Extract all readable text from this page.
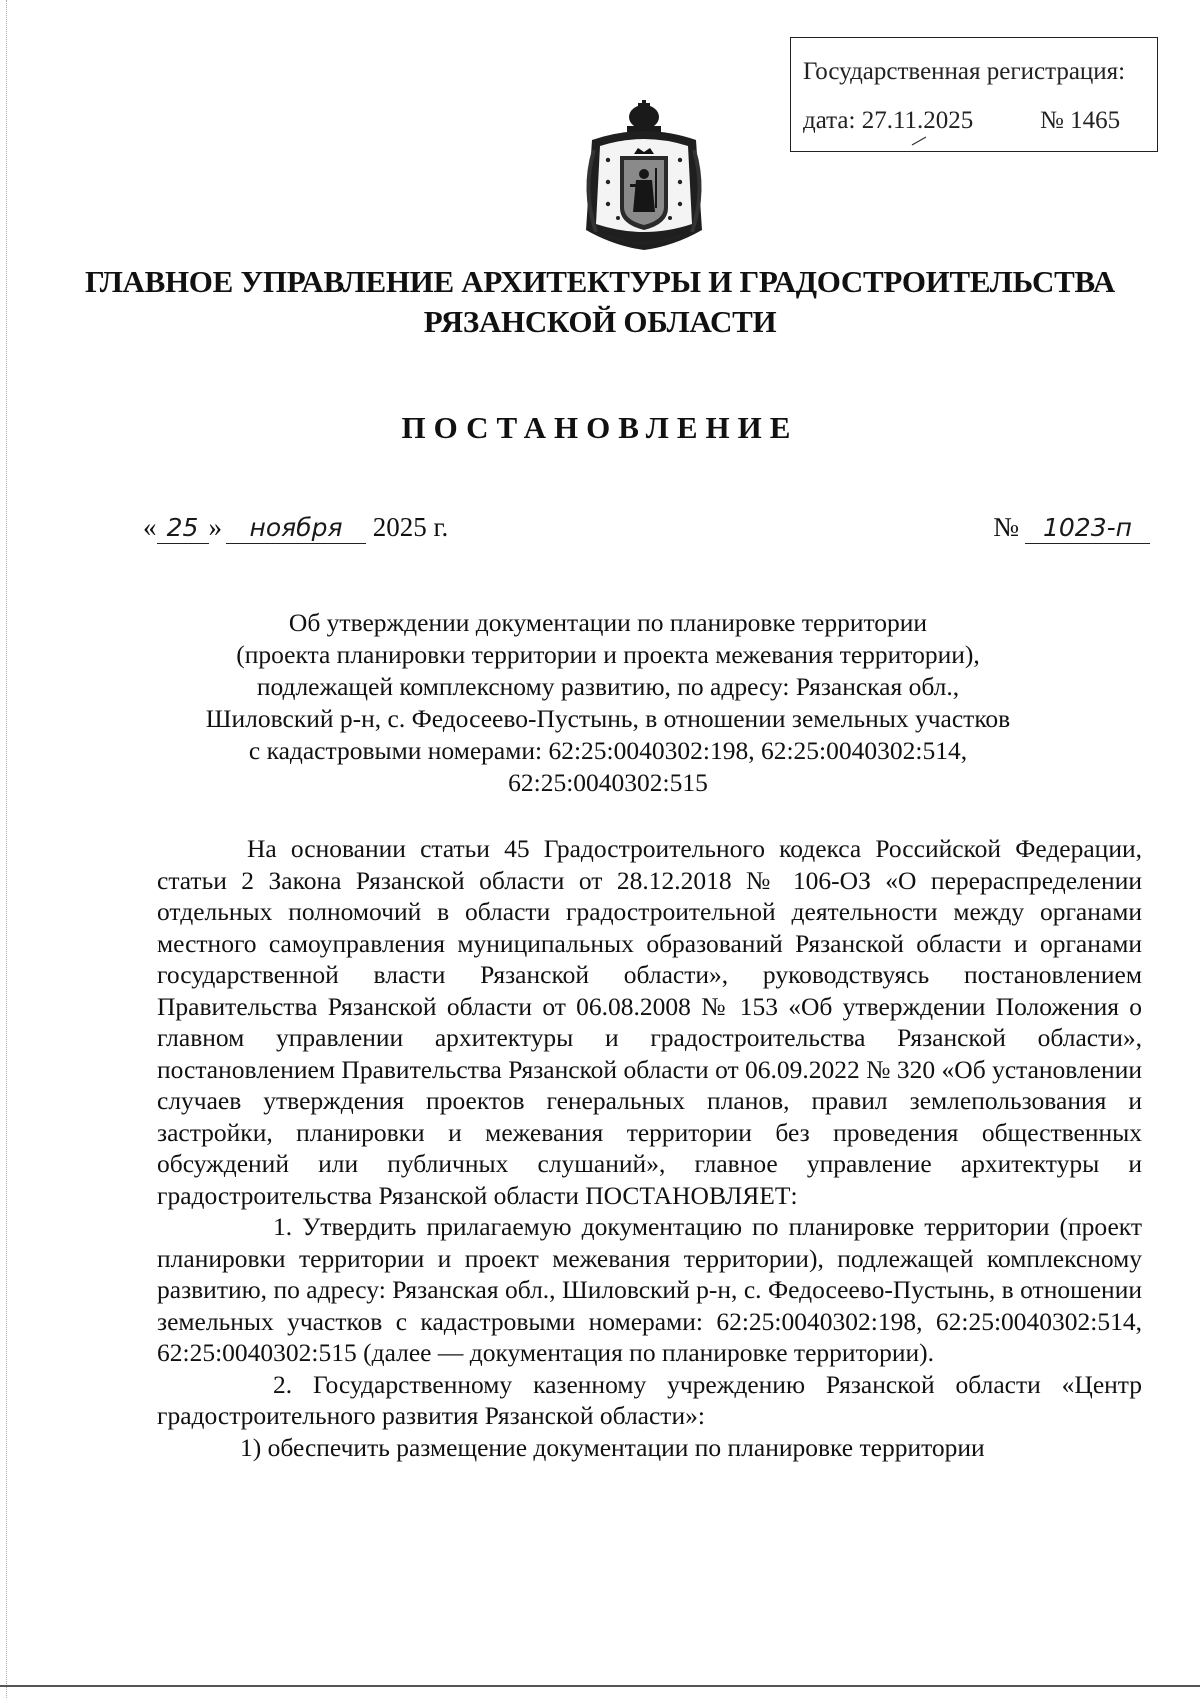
Государственная регистрация:
дата: 27.11.2025	№ 1465
ГЛАВНОЕ УПРАВЛЕНИЕ АРХИТЕКТУРЫ И ГРАДОСТРОИТЕЛЬСТВА
РЯЗАНСКОЙ ОБЛАСТИ
ПОСТАНОВЛЕНИЕ
« 25 » ноября 2025 г.	№ 1023-п
Об утверждении документации по планировке территории
(проекта планировки территории и проекта межевания территории),
подлежащей комплексному развитию, по адресу: Рязанская обл.,
Шиловский р-н, с. Федосеево-Пустынь, в отношении земельных участков
с кадастровыми номерами: 62:25:0040302:198, 62:25:0040302:514,
62:25:0040302:515

На основании статьи 45 Градостроительного кодекса Российской Федерации, статьи 2 Закона Рязанской области от 28.12.2018 № 106-ОЗ «О перераспределении отдельных полномочий в области градостроительной деятельности между органами местного самоуправления муниципальных образований Рязанской области и органами государственной власти Рязанской области», руководствуясь постановлением Правительства Рязанской области от 06.08.2008 № 153 «Об утверждении Положения о главном управлении архитектуры и градостроительства Рязанской области», постановлением Правительства Рязанской области от 06.09.2022 № 320 «Об установлении случаев утверждения проектов генеральных планов, правил землепользования и застройки, планировки и межевания территории без проведения общественных обсуждений или публичных слушаний», главное управление архитектуры и градостроительства Рязанской области ПОСТАНОВЛЯЕТ:

1. Утвердить прилагаемую документацию по планировке территории (проект планировки территории и проект межевания территории), подлежащей комплексному развитию, по адресу: Рязанская обл., Шиловский р-н, с. Федосеево-Пустынь, в отношении земельных участков с кадастровыми номерами: 62:25:0040302:198, 62:25:0040302:514, 62:25:0040302:515 (далее — документация по планировке территории).

2. Государственному казенному учреждению Рязанской области «Центр градостроительного развития Рязанской области»:

1) обеспечить размещение документации по планировке территории
